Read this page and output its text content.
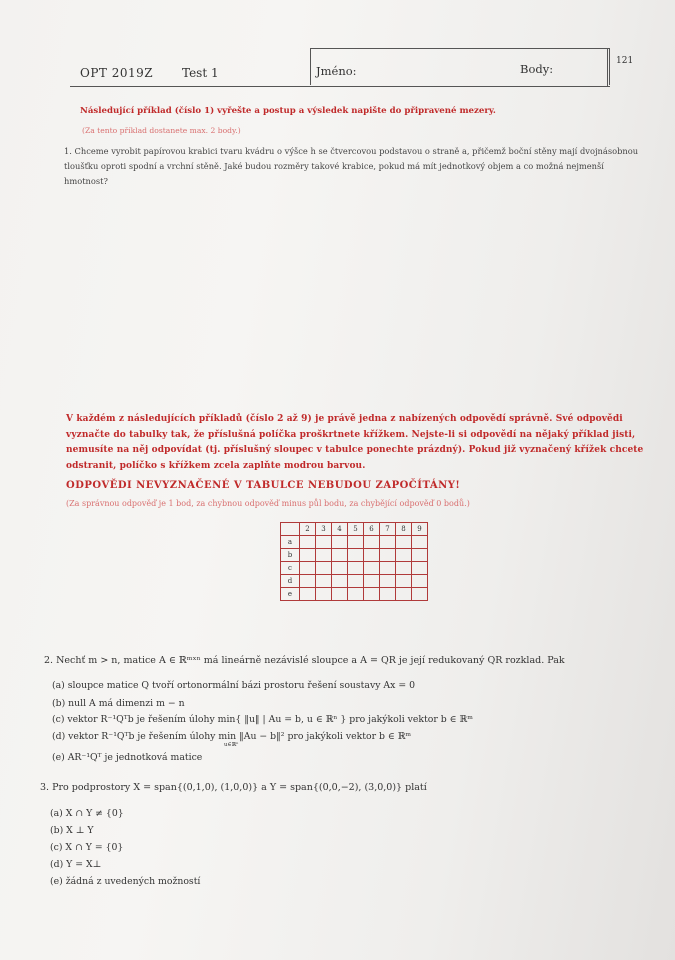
OPT 2019Z Test 1	Jméno:	Body:
121
Následující příklad (číslo 1) vyřešte a postup a výsledek napište do připravené mezery.
(Za tento příklad dostanete max. 2 body.)
1. Chceme vyrobit papírovou krabici tvaru kvádru o výšce h se čtvercovou podstavou o straně a, přičemž boční stěny mají dvojnásobnou tloušťku oproti spodní a vrchní stěně. Jaké budou rozměry takové krabice, pokud má mít jednotkový objem a co možná nejmenší hmotnost?
V každém z následujících příkladů (číslo 2 až 9) je právě jedna z nabízených odpovědí správně. Své odpovědi vyznačte do tabulky tak, že příslušná políčka proškrtnete křížkem. Nejste-li si odpovědí na nějaký příklad jisti, nemusíte na něj odpovídat (tj. příslušný sloupec v tabulce ponechte prázdný). Pokud již vyznačený křížek chcete odstranit, políčko s křížkem zcela zaplňte modrou barvou.
ODPOVĚDI NEVYZNAČENÉ V TABULCE NEBUDOU ZAPOČÍTÁNY!
(Za správnou odpověď je 1 bod, za chybnou odpověď minus půl bodu, za chybějící odpověď 0 bodů.)
	2	3	4	5	6	7	8	9
a								
b								
c								
d								
e								
2. Nechť m > n, matice A ∈ ℝᵐˣⁿ má lineárně nezávislé sloupce a A = QR je její redukovaný QR rozklad. Pak
(a) sloupce matice Q tvoří ortonormální bázi prostoru řešení soustavy Ax = 0
(b) null A má dimenzi m − n
(c) vektor R⁻¹Qᵀb je řešením úlohy min{ ‖u‖ | Au = b, u ∈ ℝⁿ } pro jakýkoli vektor b ∈ ℝᵐ
(d) vektor R⁻¹Qᵀb je řešením úlohy min ‖Au − b‖² pro jakýkoli vektor b ∈ ℝᵐ
u∈ℝⁿ
(e) AR⁻¹Qᵀ je jednotková matice
3. Pro podprostory X = span{(0,1,0), (1,0,0)} a Y = span{(0,0,−2), (3,0,0)} platí
(a) X ∩ Y ≠ {0}
(b) X ⊥ Y
(c) X ∩ Y = {0}
(d) Y = X⊥
(e) žádná z uvedených možností
